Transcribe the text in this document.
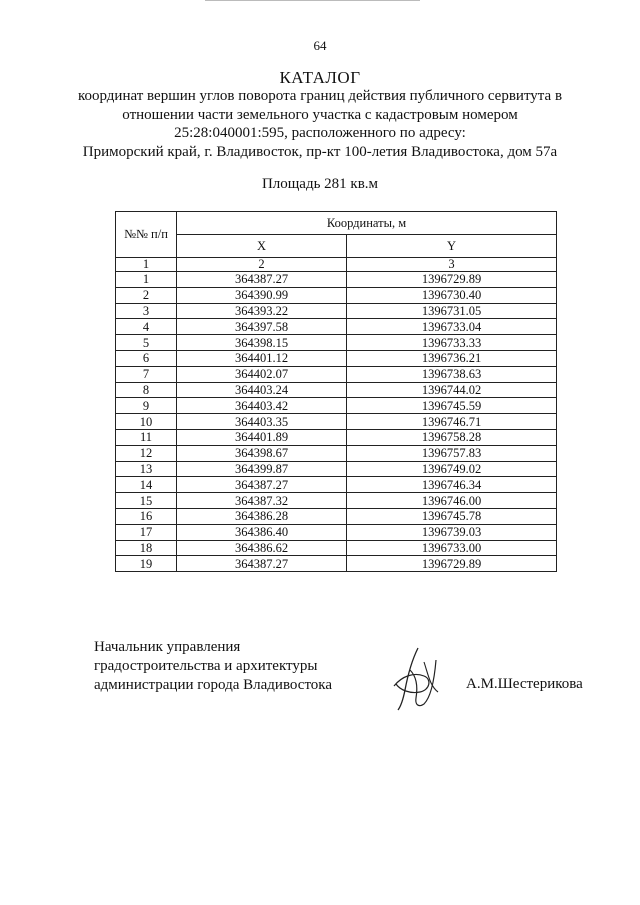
64
КАТАЛОГ
координат вершин углов поворота границ действия публичного сервитута в
отношении части земельного участка с кадастровым номером
25:28:040001:595, расположенного по адресу:
Приморский край, г. Владивосток, пр-кт 100-летия Владивостока, дом 57а
Площадь 281 кв.м
№№ п/п	Координаты, м	
	X	Y
1	2	3
1	364387.27	1396729.89
2	364390.99	1396730.40
3	364393.22	1396731.05
4	364397.58	1396733.04
5	364398.15	1396733.33
6	364401.12	1396736.21
7	364402.07	1396738.63
8	364403.24	1396744.02
9	364403.42	1396745.59
10	364403.35	1396746.71
11	364401.89	1396758.28
12	364398.67	1396757.83
13	364399.87	1396749.02
14	364387.27	1396746.34
15	364387.32	1396746.00
16	364386.28	1396745.78
17	364386.40	1396739.03
18	364386.62	1396733.00
19	364387.27	1396729.89
Начальник управления
градостроительства и архитектуры
администрации города Владивостока	А.М.Шестерикова
